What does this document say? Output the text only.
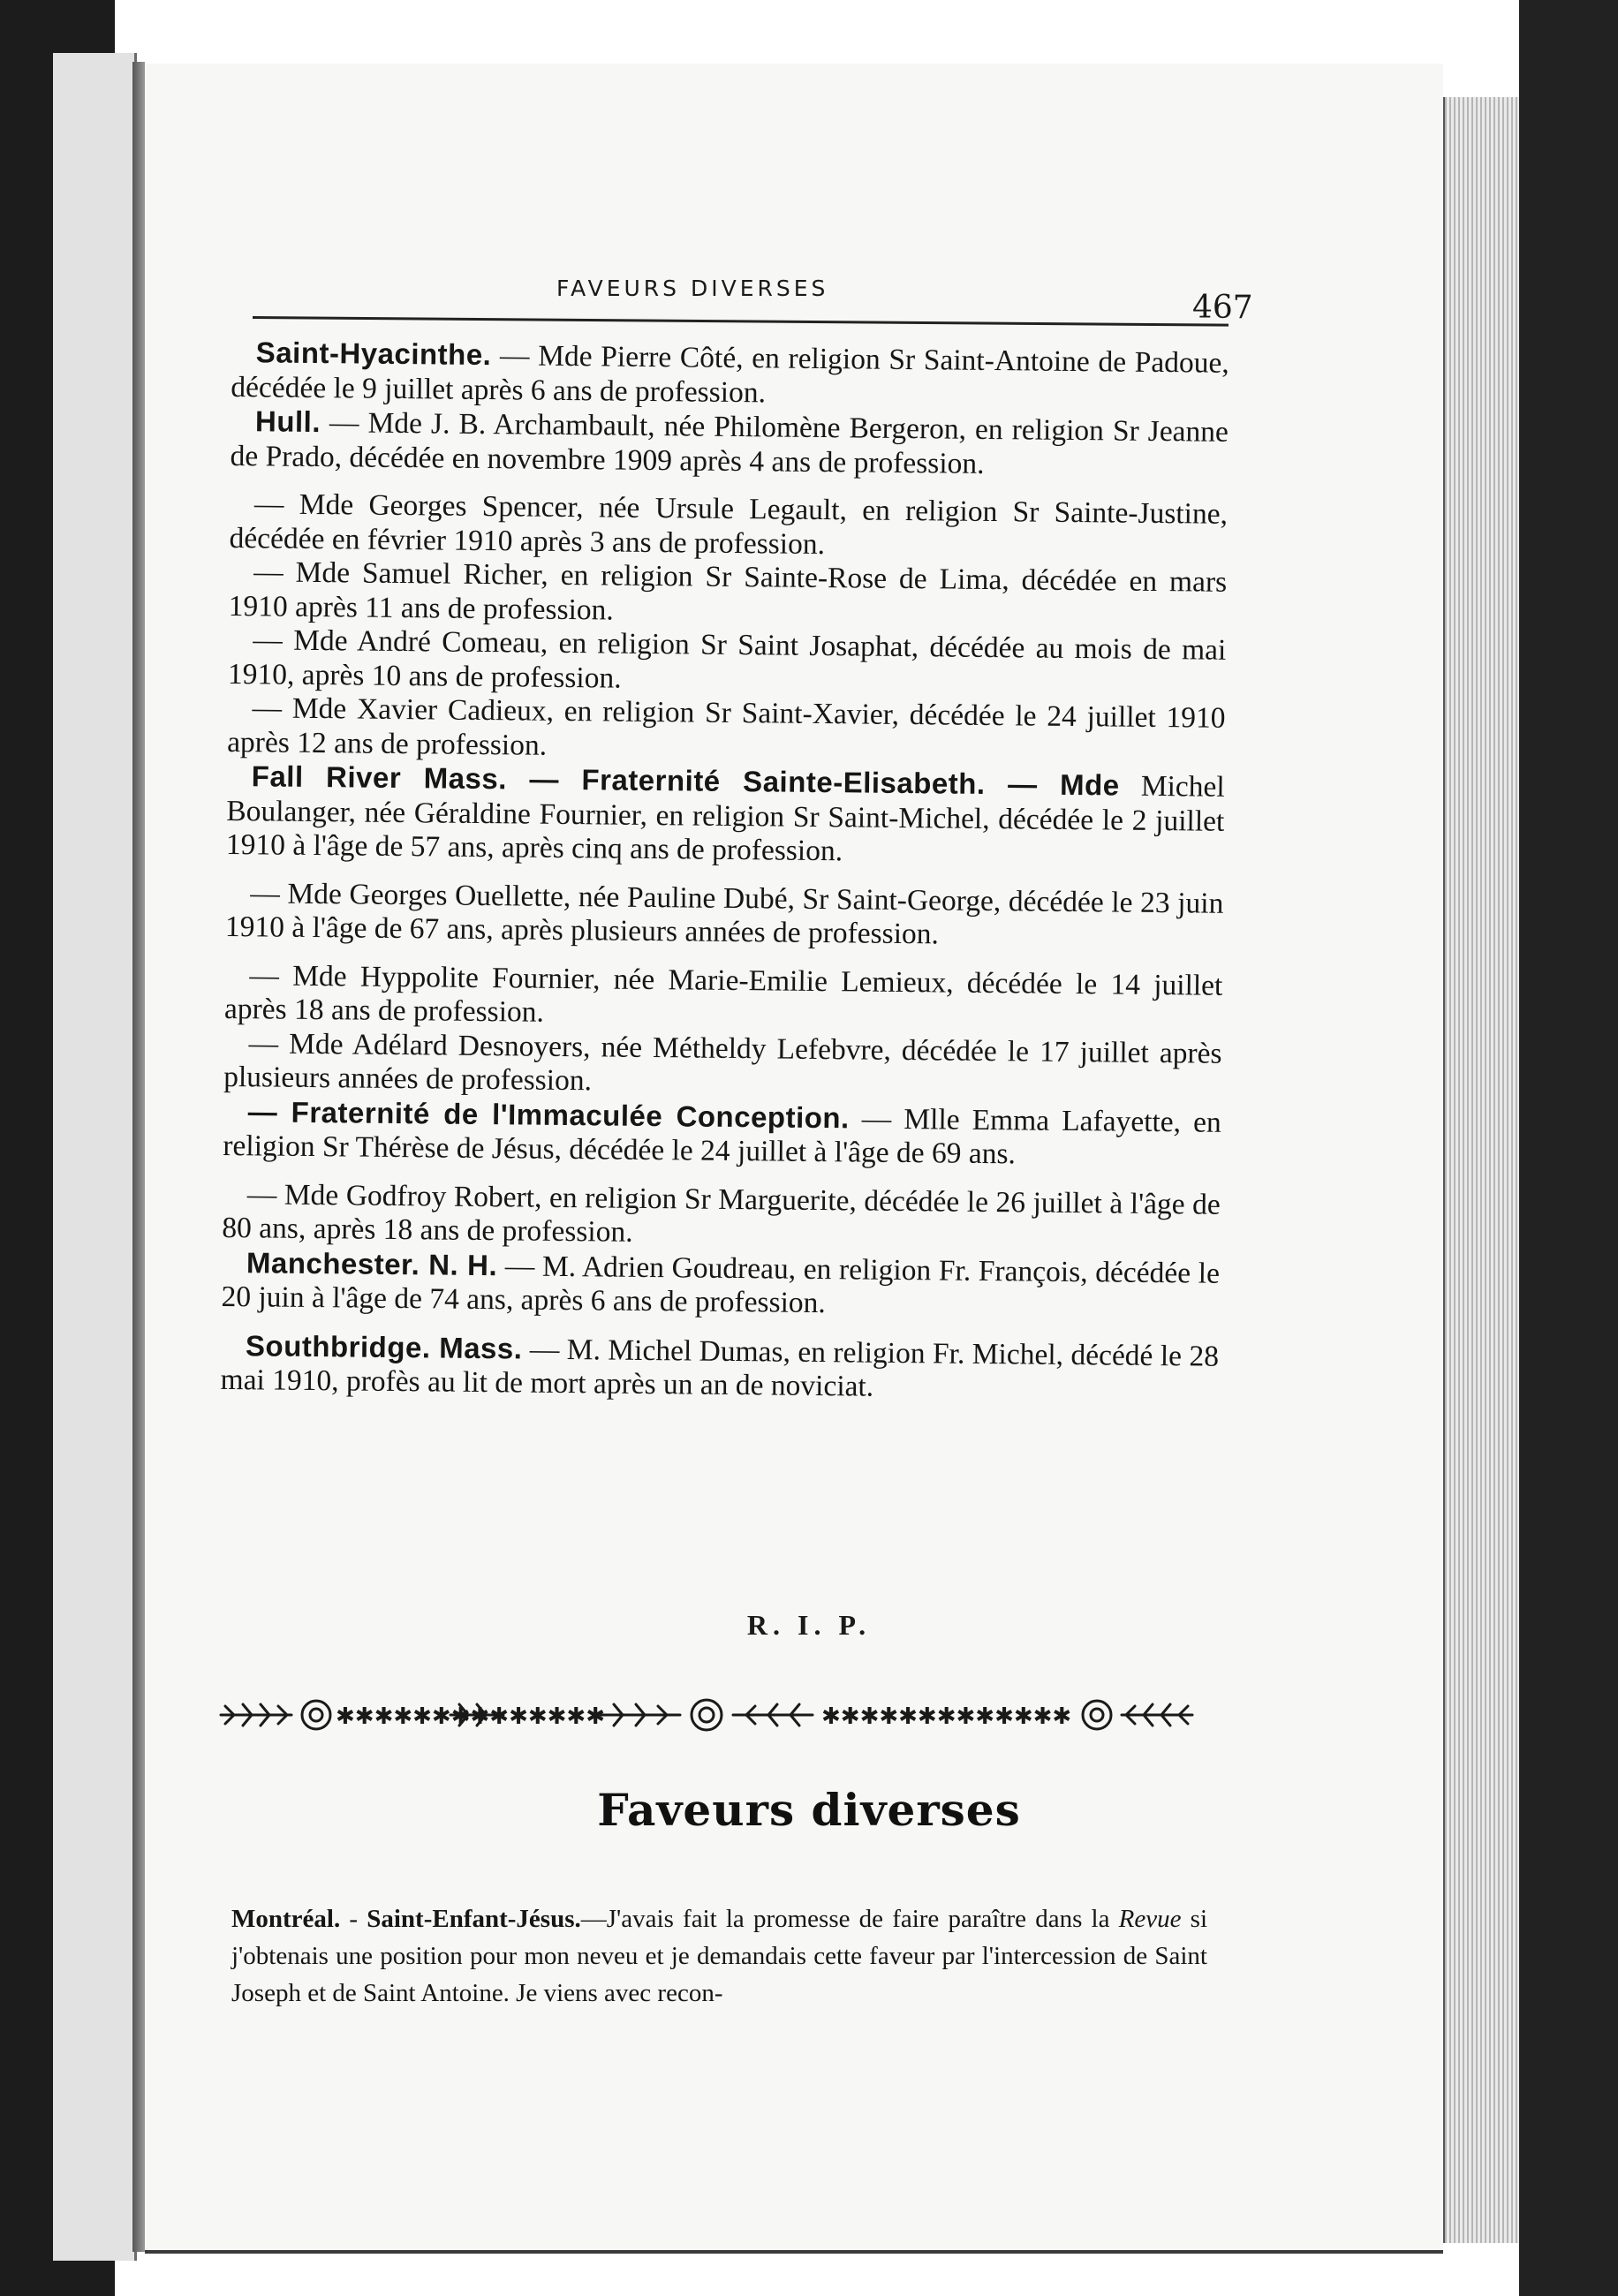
FAVEURS DIVERSES
467

Saint-Hyacinthe. — Mde Pierre Côté, en religion Sr Saint-Antoine de Padoue, décédée le 9 juillet après 6 ans de profession.

Hull. — Mde J. B. Archambault, née Philomène Bergeron, en religion Sr Jeanne de Prado, décédée en novembre 1909 après 4 ans de profession.

— Mde Georges Spencer, née Ursule Legault, en religion Sr Sainte-Justine, décédée en février 1910 après 3 ans de profession.

— Mde Samuel Richer, en religion Sr Sainte-Rose de Lima, décédée en mars 1910 après 11 ans de profession.

— Mde André Comeau, en religion Sr Saint Josaphat, décédée au mois de mai 1910, après 10 ans de profession.

— Mde Xavier Cadieux, en religion Sr Saint-Xavier, décédée le 24 juillet 1910 après 12 ans de profession.

Fall River Mass. — Fraternité Sainte-Elisabeth. — Mde Michel Boulanger, née Géraldine Fournier, en religion Sr Saint-Michel, décédée le 2 juillet 1910 à l'âge de 57 ans, après cinq ans de profession.

— Mde Georges Ouellette, née Pauline Dubé, Sr Saint-George, décédée le 23 juin 1910 à l'âge de 67 ans, après plusieurs années de profession.

— Mde Hyppolite Fournier, née Marie-Emilie Lemieux, décédée le 14 juillet après 18 ans de profession.

— Mde Adélard Desnoyers, née Métheldy Lefebvre, décédée le 17 juillet après plusieurs années de profession.

— Fraternité de l'Immaculée Conception. — Mlle Emma Lafayette, en religion Sr Thérèse de Jésus, décédée le 24 juillet à l'âge de 69 ans.

— Mde Godfroy Robert, en religion Sr Marguerite, décédée le 26 juillet à l'âge de 80 ans, après 18 ans de profession.

Manchester. N. H. — M. Adrien Goudreau, en religion Fr. François, décédée le 20 juin à l'âge de 74 ans, après 6 ans de profession.

Southbridge. Mass. — M. Michel Dumas, en religion Fr. Michel, décédé le 28 mai 1910, profès au lit de mort après un an de noviciat.

R. I. P.
✱✱✱✱✱✱✱✱✱✱✱✱✱✱	✱✱✱✱✱✱✱✱✱✱✱✱✱
Faveurs diverses

Montréal. - Saint-Enfant-Jésus.—J'avais fait la promesse de faire paraître dans la Revue si j'obtenais une position pour mon neveu et je demandais cette faveur par l'intercession de Saint Joseph et de Saint Antoine. Je viens avec recon-
